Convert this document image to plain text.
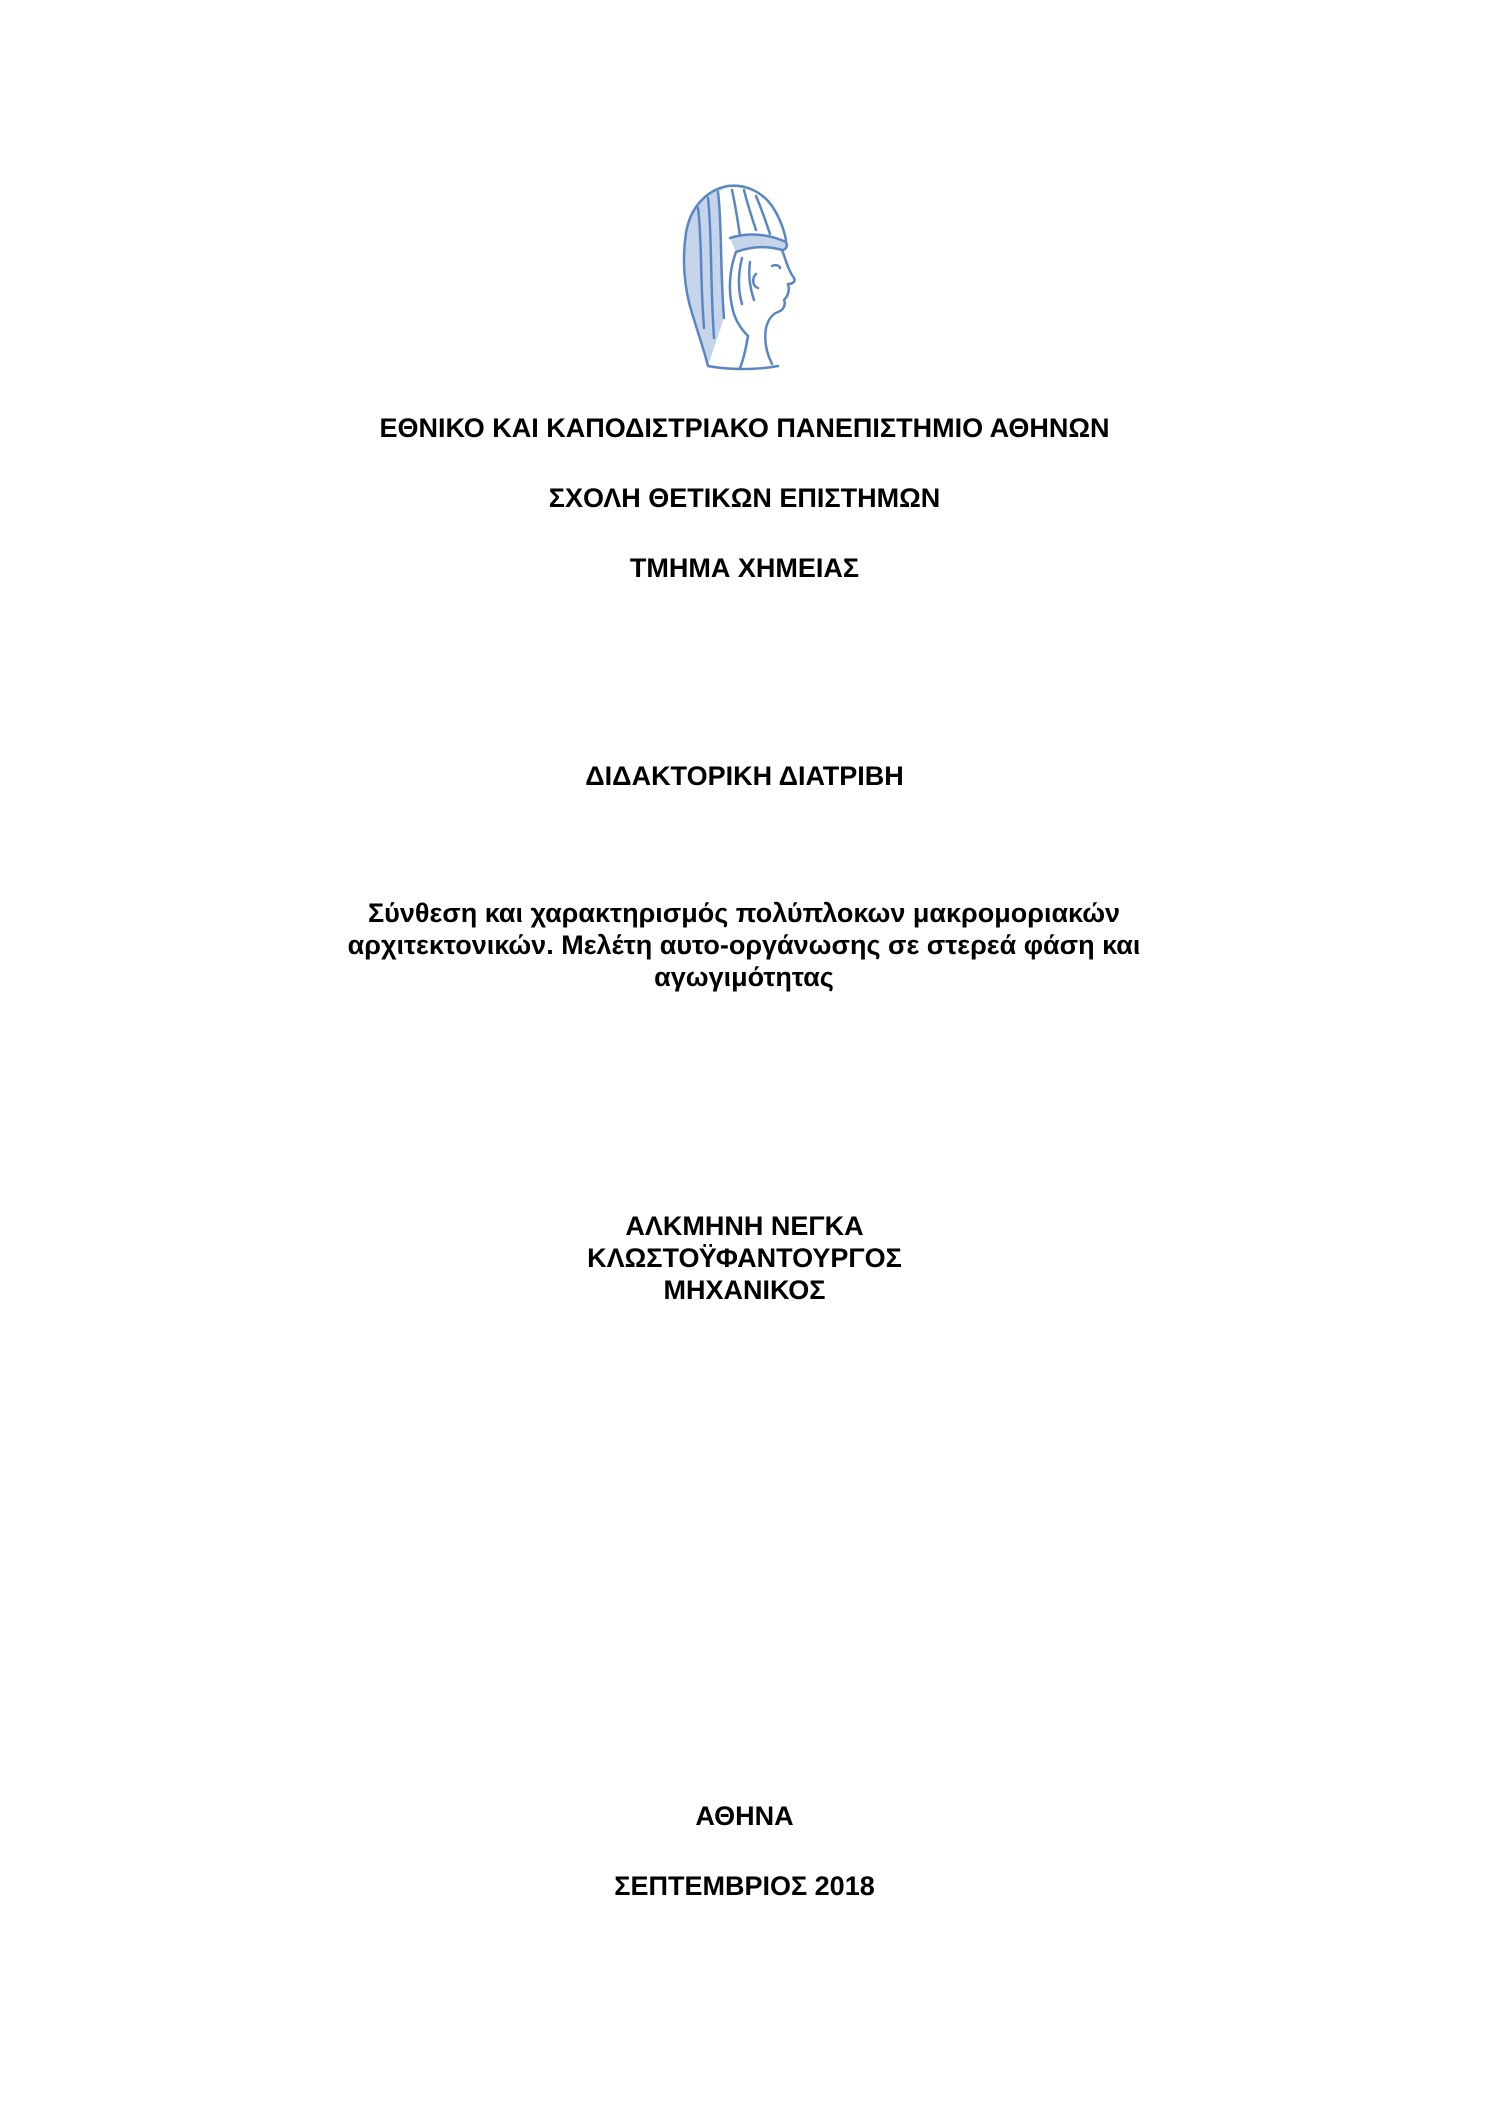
ΕΘΝΙΚΟ ΚΑΙ ΚΑΠΟΔΙΣΤΡΙΑΚΟ ΠΑΝΕΠΙΣΤΗΜΙΟ ΑΘΗΝΩΝ
ΣΧΟΛΗ ΘΕΤΙΚΩΝ ΕΠΙΣΤΗΜΩΝ
ΤΜΗΜΑ ΧΗΜΕΙΑΣ
ΔΙΔΑΚΤΟΡΙΚΗ ΔΙΑΤΡΙΒΗ
Σύνθεση και χαρακτηρισμός πολύπλοκων μακρομοριακών
αρχιτεκτονικών. Μελέτη αυτο-οργάνωσης σε στερεά φάση και
αγωγιμότητας
ΑΛΚΜΗΝΗ ΝΕΓΚΑ
ΚΛΩΣΤΟΫΦΑΝΤΟΥΡΓΟΣ
ΜΗΧΑΝΙΚΟΣ
ΑΘΗΝΑ
ΣΕΠΤΕΜΒΡΙΟΣ 2018
